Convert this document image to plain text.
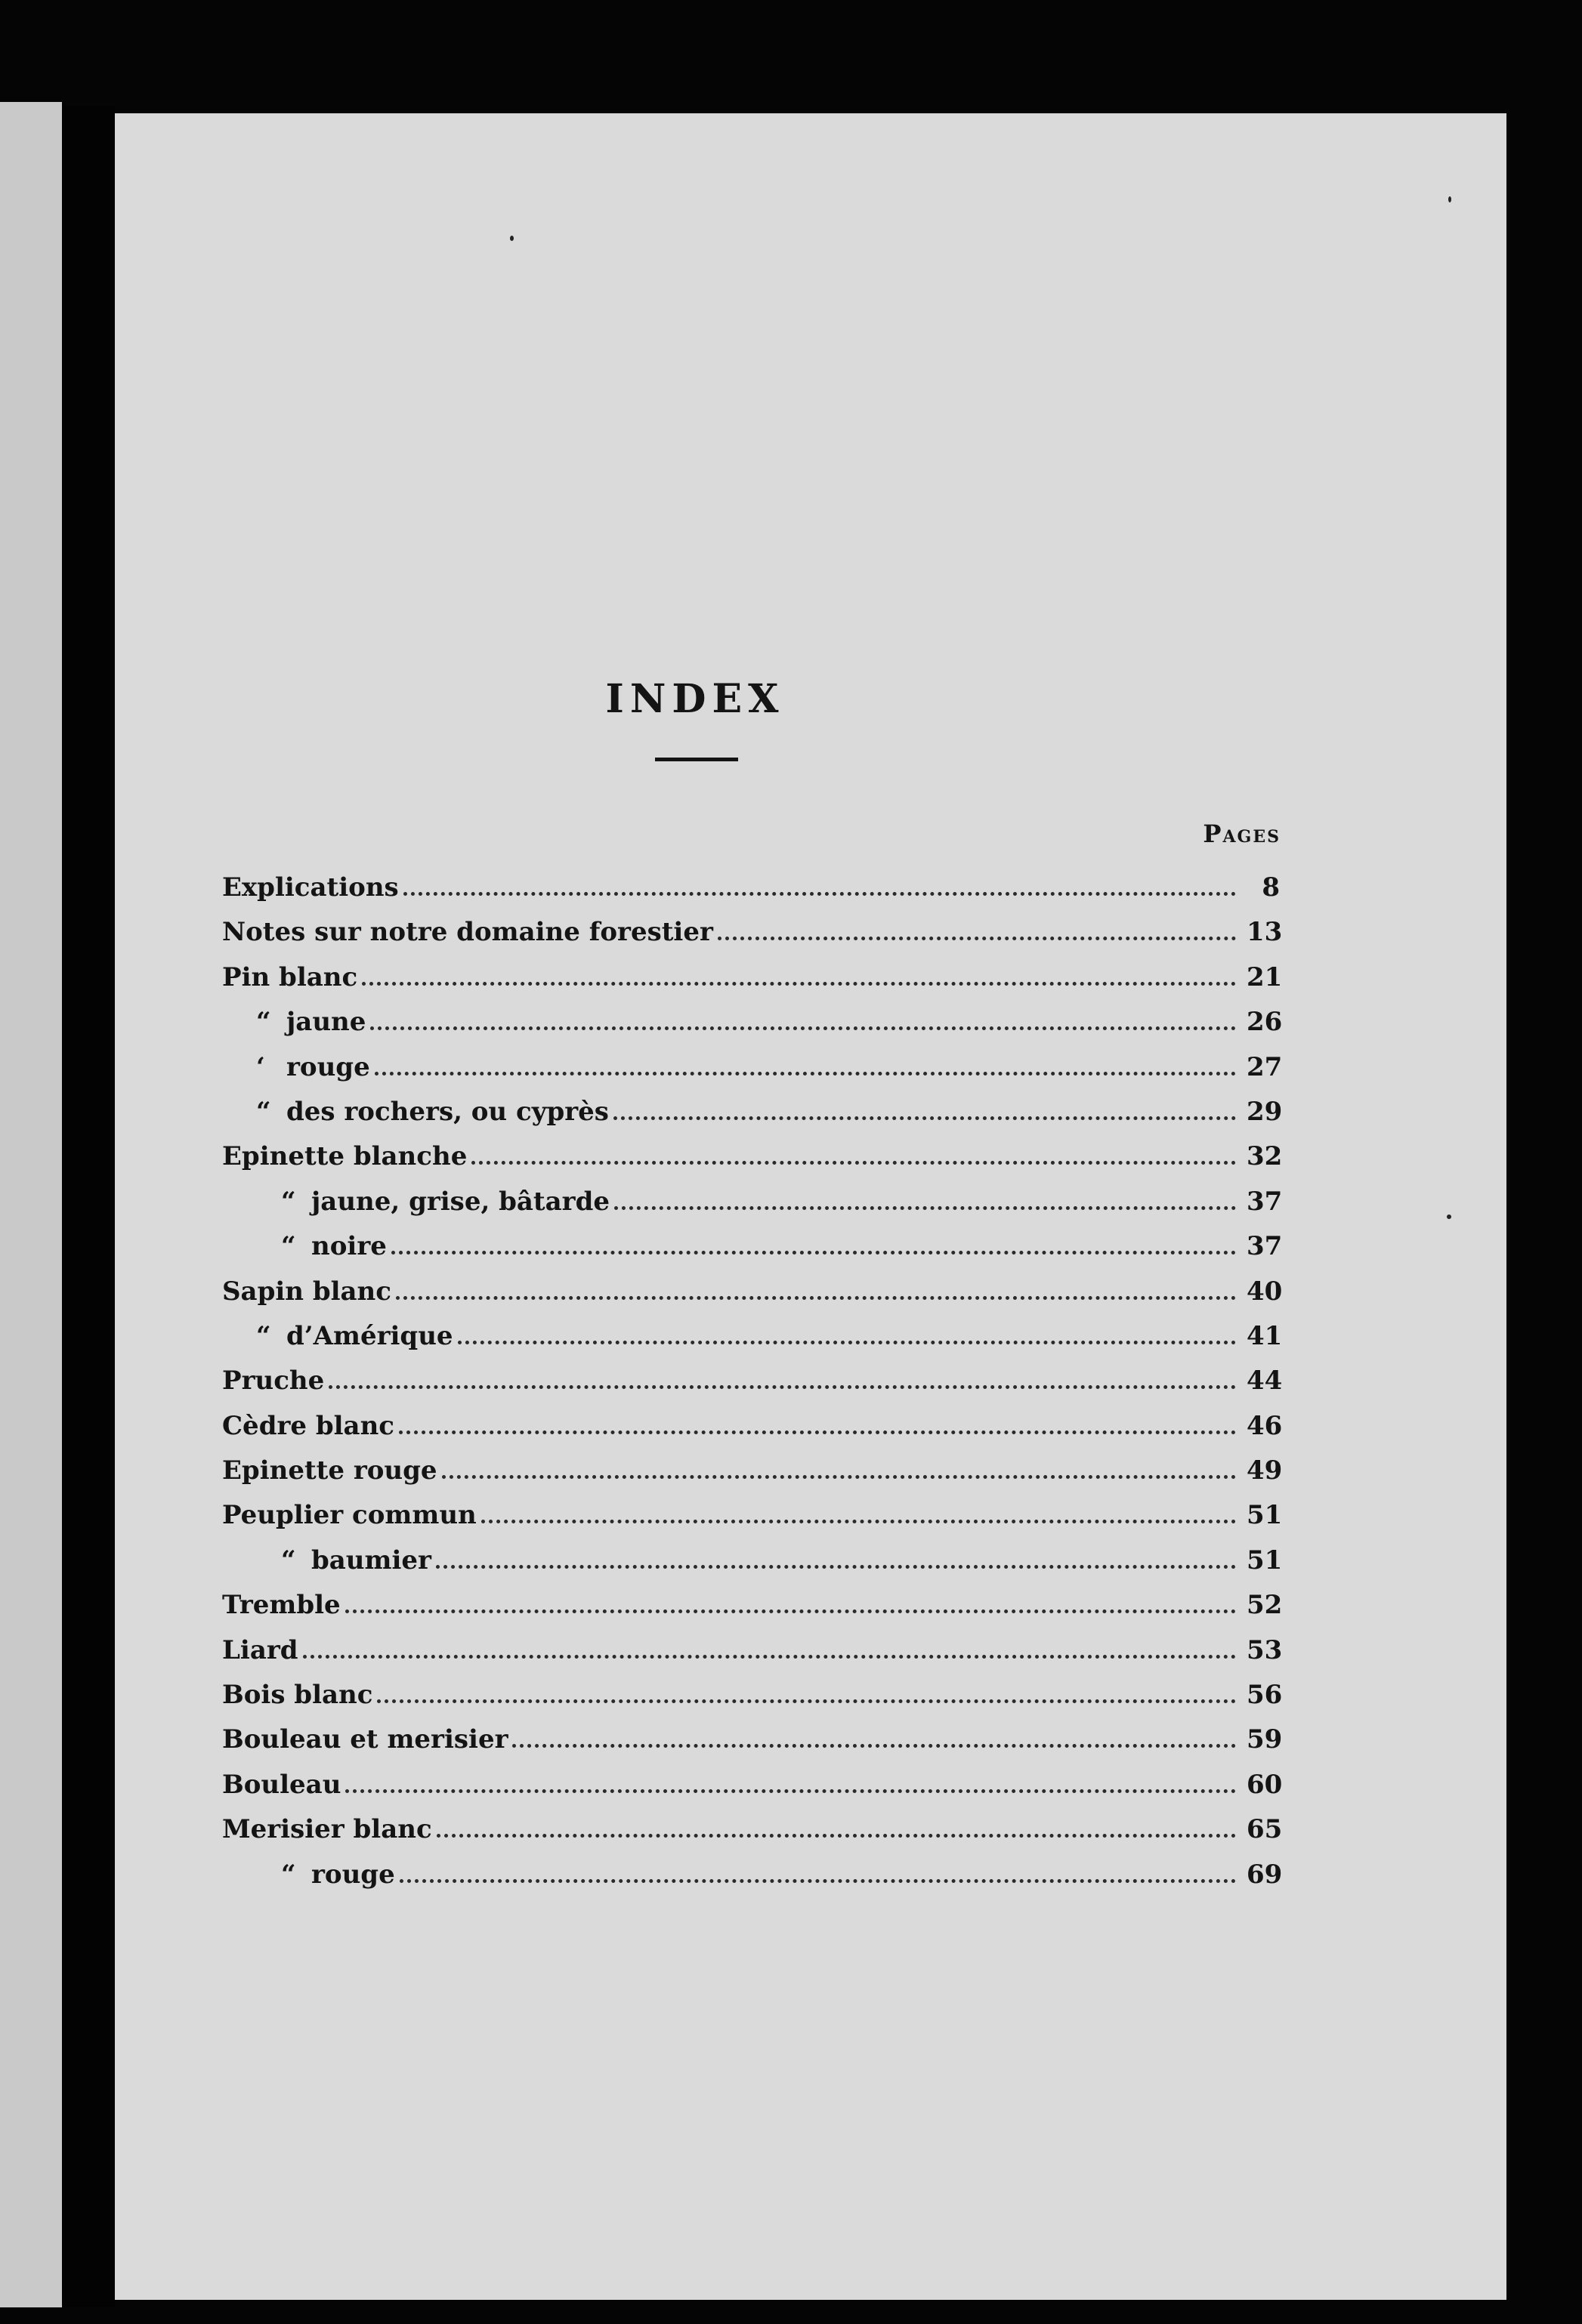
INDEX
Pages
Explications	8
Notes sur notre domaine forestier	13
Pin blanc	21
“ jaune	26
‘ rouge	27
“ des rochers, ou cyprès	29
Epinette blanche	32
“ jaune, grise, bâtarde	37
“ noire	37
Sapin blanc	40
“ d’Amérique	41
Pruche	44
Cèdre blanc	46
Epinette rouge	49
Peuplier commun	51
“ baumier	51
Tremble	52
Liard	53
Bois blanc	56
Bouleau et merisier	59
Bouleau	60
Merisier blanc	65
“ rouge	69
